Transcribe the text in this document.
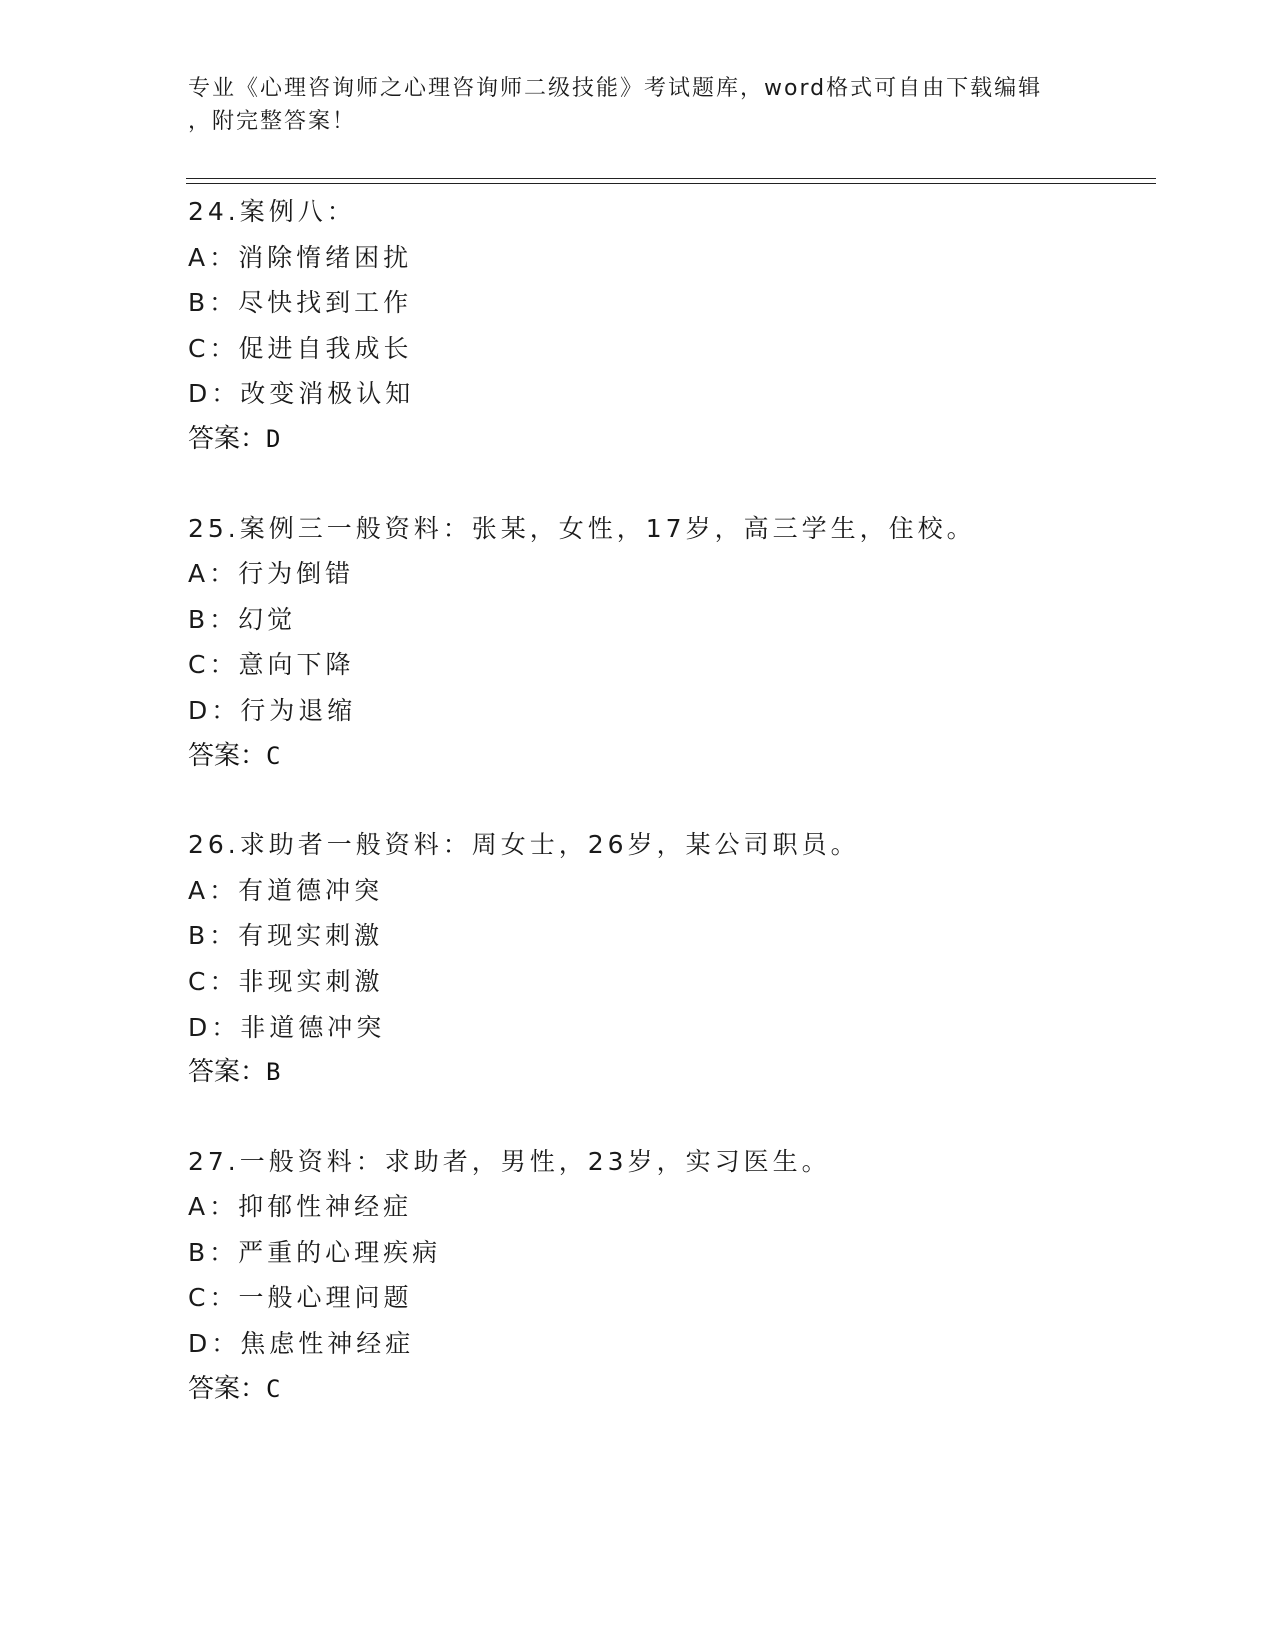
专业《心理咨询师之心理咨询师二级技能》考试题库，word格式可自由下载编辑
，附完整答案！
24.案例八：
A：消除惰绪困扰
B：尽快找到工作
C：促进自我成长
D：改变消极认知
答案：D
25.案例三一般资料：张某，女性，17岁，高三学生，住校。
A：行为倒错
B：幻觉
C：意向下降
D：行为退缩
答案：C
26.求助者一般资料：周女士，26岁，某公司职员。
A：有道德冲突
B：有现实刺激
C：非现实刺激
D：非道德冲突
答案：B
27.一般资料：求助者，男性，23岁，实习医生。
A：抑郁性神经症
B：严重的心理疾病
C：一般心理问题
D：焦虑性神经症
答案：C
